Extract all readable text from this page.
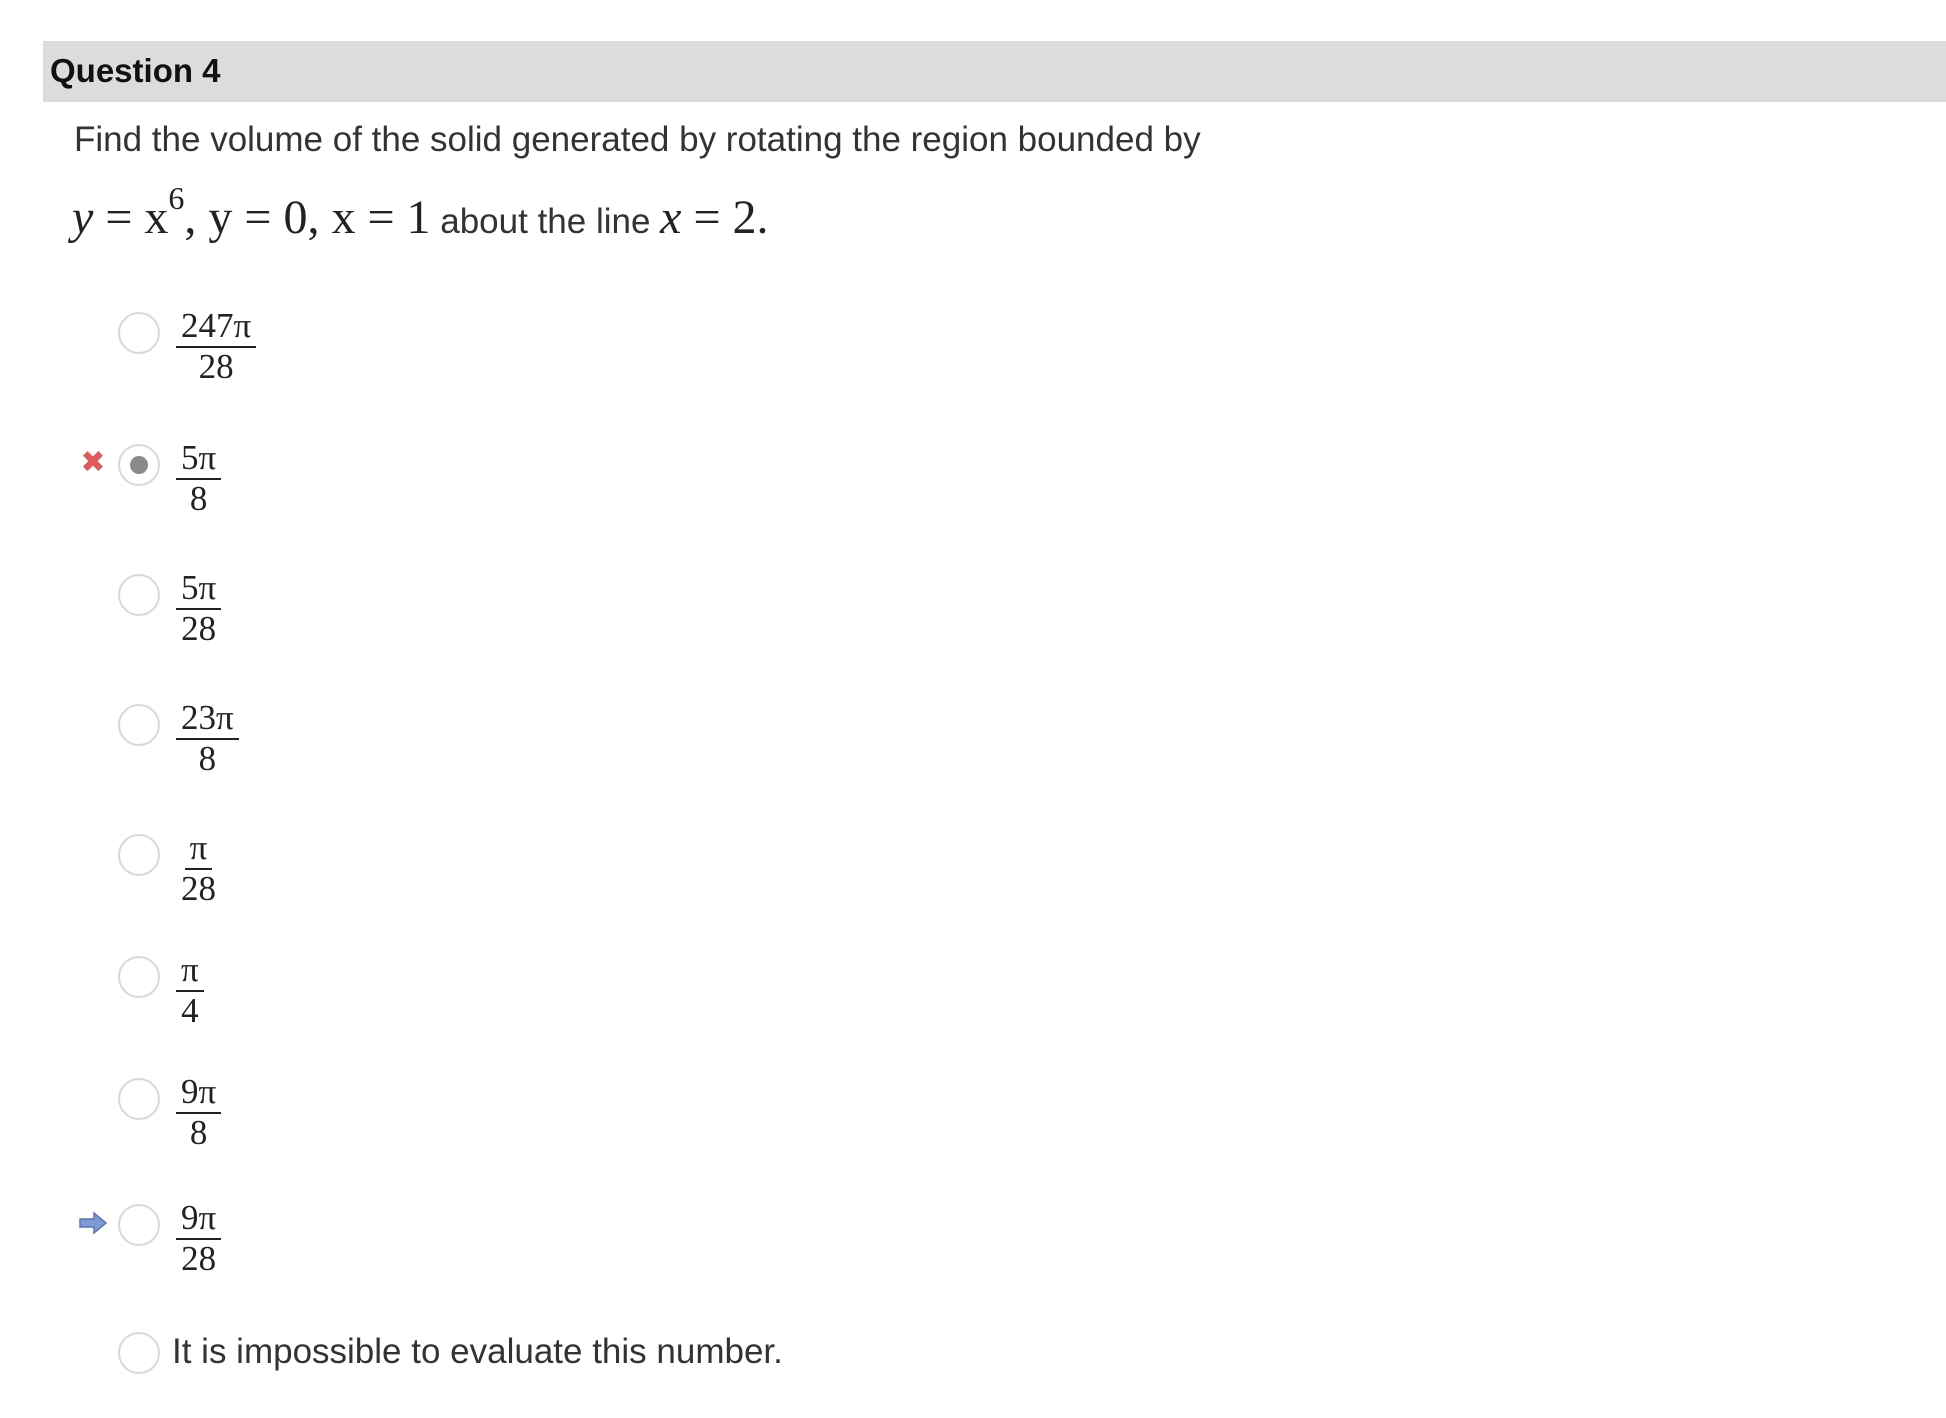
Question 4
Find the volume of the solid generated by rotating the region bounded by
$y = x^6$, y = 0, x = 1 about the line x = 2.
$\frac{247\pi}{28}$
✖ $\frac{5\pi}{8}$
$\frac{5\pi}{28}$
$\frac{23\pi}{8}$
$\frac{\pi}{28}$
$\frac{\pi}{4}$
$\frac{9\pi}{8}$
$\frac{9\pi}{28}$
It is impossible to evaluate this number.
